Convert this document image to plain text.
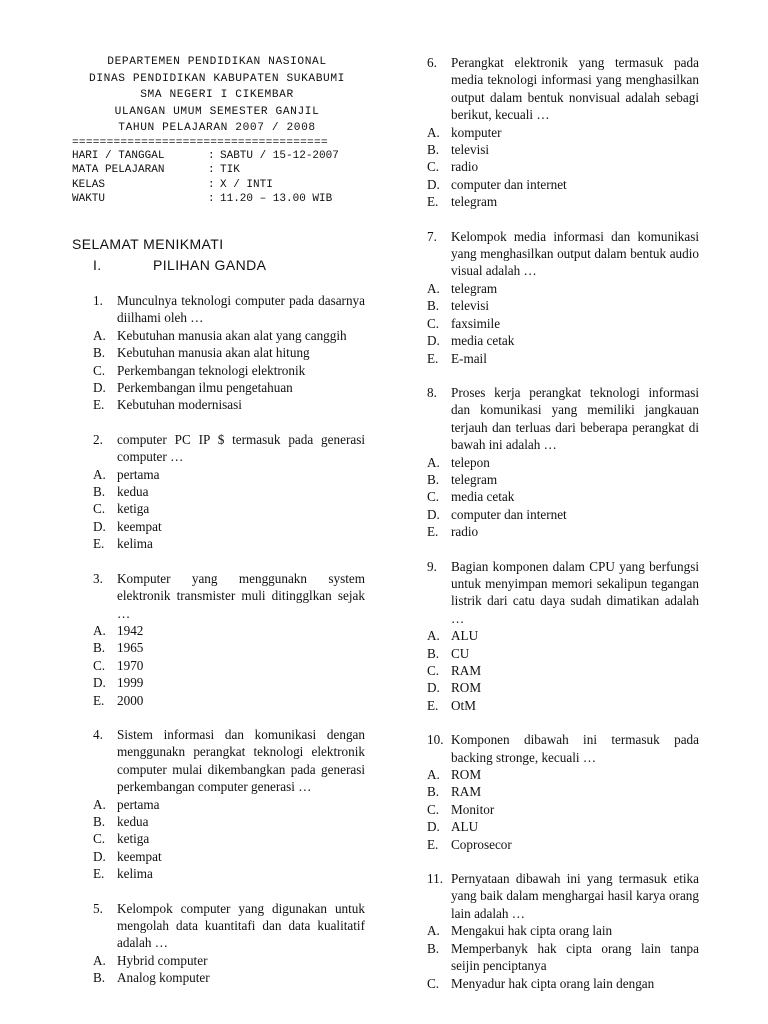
DEPARTEMEN PENDIDIKAN NASIONAL
DINAS PENDIDIKAN KABUPATEN SUKABUMI
SMA NEGERI I CIKEMBAR
ULANGAN UMUM SEMESTER GANJIL
TAHUN PELAJARAN 2007 / 2008
=====================================
HARI / TANGGAL	: SABTU / 15-12-2007
MATA PELAJARAN	: TIK
KELAS	: X / INTI
WAKTU	: 11.20 – 13.00 WIB
SELAMAT MENIKMATI
I.	PILIHAN GANDA
1.	Munculnya teknologi computer pada dasarnya diilhami oleh …
A. Kebutuhan manusia akan alat yang canggih
B. Kebutuhan manusia akan alat hitung
C. Perkembangan teknologi elektronik
D. Perkembangan ilmu pengetahuan
E. Kebutuhan modernisasi
2.	computer PC IP $ termasuk pada generasi computer …
A. pertama
B. kedua
C. ketiga
D. keempat
E. kelima
3.	Komputer yang menggunakn system elektronik transmister muli ditingglkan sejak …
A. 1942
B. 1965
C. 1970
D. 1999
E. 2000
4.	Sistem informasi dan komunikasi dengan menggunakn perangkat teknologi elektronik computer mulai dikembangkan pada generasi perkembangan computer generasi …
A. pertama
B. kedua
C. ketiga
D. keempat
E. kelima
5.	Kelompok computer yang digunakan untuk mengolah data kuantitafi dan data kualitatif adalah …
A. Hybrid computer
B. Analog komputer
6.	Perangkat elektronik yang termasuk pada media teknologi informasi yang menghasilkan output dalam bentuk nonvisual adalah sebagi berikut, kecuali …
A. komputer
B. televisi
C. radio
D. computer dan internet
E. telegram
7.	Kelompok media informasi dan komunikasi yang menghasilkan output dalam bentuk audio visual adalah …
A. telegram
B. televisi
C. faxsimile
D. media cetak
E. E-mail
8.	Proses kerja perangkat teknologi informasi dan komunikasi yang memiliki jangkauan terjauh dan terluas dari beberapa perangkat di bawah ini adalah …
A. telepon
B. telegram
C. media cetak
D. computer dan internet
E. radio
9.	Bagian komponen dalam CPU yang berfungsi untuk menyimpan memori sekalipun tegangan listrik dari catu daya sudah dimatikan adalah …
A. ALU
B. CU
C. RAM
D. ROM
E. OtM
10. Komponen dibawah ini termasuk pada backing stronge, kecuali …
A. ROM
B. RAM
C. Monitor
D. ALU
E. Coprosecor
11. Pernyataan dibawah ini yang termasuk etika yang baik dalam menghargai hasil karya orang lain adalah …
A. Mengakui hak cipta orang lain
B. Memperbanyk hak cipta orang lain tanpa seijin penciptanya
C. Menyadur hak cipta orang lain dengan
